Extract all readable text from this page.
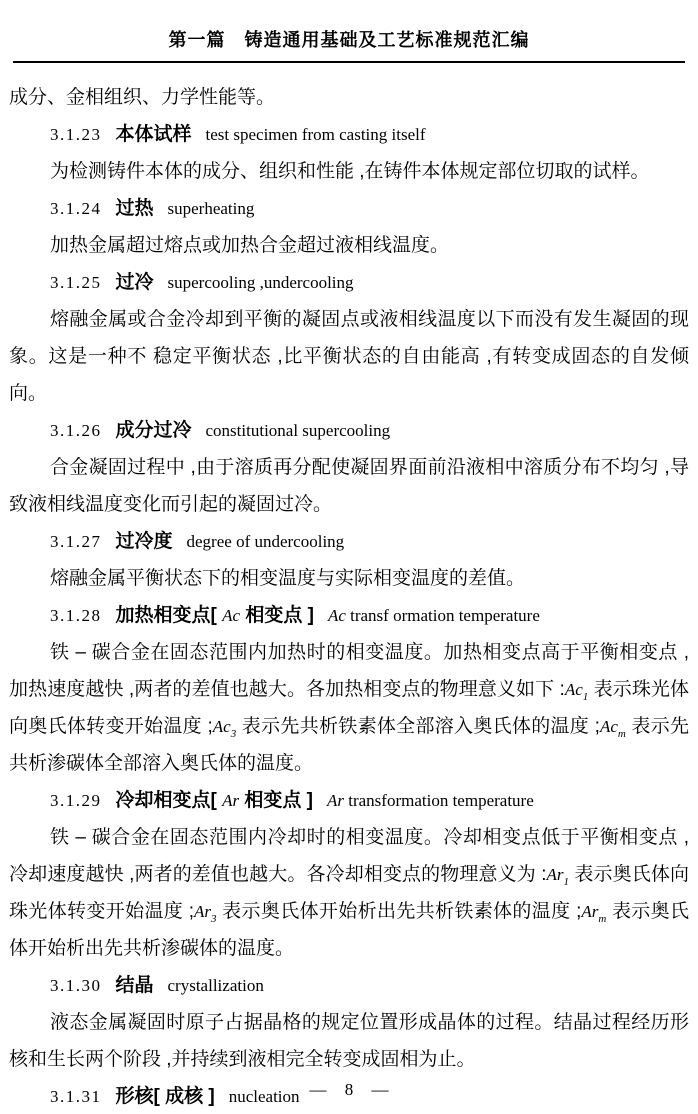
第一篇　铸造通用基础及工艺标准规范汇编
成分、金相组织、力学性能等。
3.1.23 本体试样 test specimen from casting itself
为检测铸件本体的成分、组织和性能 ,在铸件本体规定部位切取的试样。
3.1.24 过热 superheating
加热金属超过熔点或加热合金超过液相线温度。
3.1.25 过冷 supercooling ,undercooling
熔融金属或合金冷却到平衡的凝固点或液相线温度以下而没有发生凝固的现象。这是一种不 稳定平衡状态 ,比平衡状态的自由能高 ,有转变成固态的自发倾向。
3.1.26 成分过冷 constitutional supercooling
合金凝固过程中 ,由于溶质再分配使凝固界面前沿液相中溶质分布不均匀 ,导致液相线温度变化而引起的凝固过冷。
3.1.27 过冷度 degree of undercooling
熔融金属平衡状态下的相变温度与实际相变温度的差值。
3.1.28 加热相变点[ Ac 相变点 ] Ac transf ormation temperature
铁 – 碳合金在固态范围内加热时的相变温度。加热相变点高于平衡相变点 ,加热速度越快 ,两者的差值也越大。各加热相变点的物理意义如下 $:Ac_1$ 表示珠光体向奥氏体转变开始温度 $;Ac_3$ 表示先共析铁素体全部溶入奥氏体的温度 $;Ac_m$ 表示先共析渗碳体全部溶入奥氏体的温度。
3.1.29 冷却相变点[ Ar 相变点 ] Ar transformation temperature
铁 – 碳合金在固态范围内冷却时的相变温度。冷却相变点低于平衡相变点 ,冷却速度越快 ,两者的差值也越大。各冷却相变点的物理意义为 $:Ar_1$ 表示奥氏体向珠光体转变开始温度 $;Ar_3$ 表示奥氏体开始析出先共析铁素体的温度 $;Ar_m$ 表示奥氏体开始析出先共析渗碳体的温度。
3.1.30 结晶 crystallization
液态金属凝固时原子占据晶格的规定位置形成晶体的过程。结晶过程经历形核和生长两个阶段 ,并持续到液相完全转变成固相为止。
3.1.31 形核[ 成核 ] nucleation — 8 —
